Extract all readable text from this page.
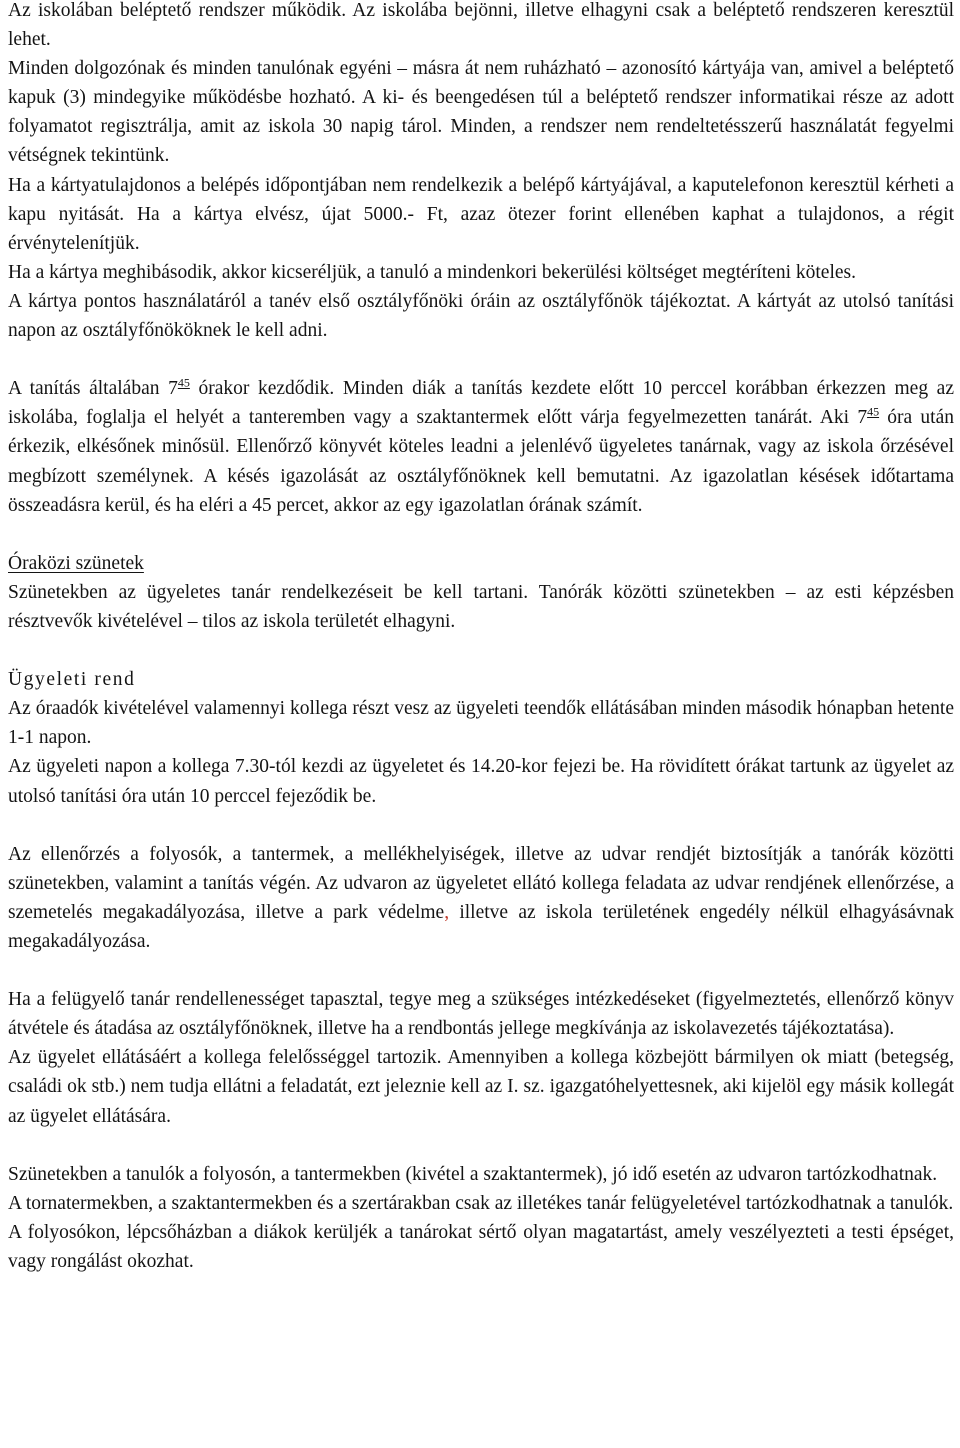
Az iskolában beléptető rendszer működik. Az iskolába bejönni, illetve elhagyni csak a beléptető rendszeren keresztül lehet.

Minden dolgozónak és minden tanulónak egyéni – másra át nem ruházható – azonosító kártyája van, amivel a beléptető kapuk (3) mindegyike működésbe hozható. A ki- és beengedésen túl a beléptető rendszer informatikai része az adott folyamatot regisztrálja, amit az iskola 30 napig tárol. Minden, a rendszer nem rendeltetésszerű használatát fegyelmi vétségnek tekintünk.

Ha a kártyatulajdonos a belépés időpontjában nem rendelkezik a belépő kártyájával, a kaputelefonon keresztül kérheti a kapu nyitását. Ha a kártya elvész, újat 5000.- Ft, azaz ötezer forint ellenében kaphat a tulajdonos, a régit érvénytelenítjük.

Ha a kártya meghibásodik, akkor kicseréljük, a tanuló a mindenkori bekerülési költséget megtéríteni köteles.

A kártya pontos használatáról a tanév első osztályfőnöki óráin az osztályfőnök tájékoztat. A kártyát az utolsó tanítási napon az osztályfőnököknek le kell adni.

A tanítás általában $7^{45}$ órakor kezdődik. Minden diák a tanítás kezdete előtt 10 perccel korábban érkezzen meg az iskolába, foglalja el helyét a tanteremben vagy a szaktantermek előtt várja fegyelmezetten tanárát. Aki $7^{45}$ óra után érkezik, elkésőnek minősül. Ellenőrző könyvét köteles leadni a jelenlévő ügyeletes tanárnak, vagy az iskola őrzésével megbízott személynek. A késés igazolását az osztályfőnöknek kell bemutatni. Az igazolatlan késések időtartama összeadásra kerül, és ha eléri a 45 percet, akkor az egy igazolatlan órának számít.

Óraközi szünetek

Szünetekben az ügyeletes tanár rendelkezéseit be kell tartani. Tanórák közötti szünetekben – az esti képzésben résztvevők kivételével – tilos az iskola területét elhagyni.

Ügyeleti rend

Az óraadók kivételével valamennyi kollega részt vesz az ügyeleti teendők ellátásában minden második hónapban hetente 1-1 napon.

Az ügyeleti napon a kollega 7.30-tól kezdi az ügyeletet és 14.20-kor fejezi be. Ha rövidített órákat tartunk az ügyelet az utolsó tanítási óra után 10 perccel fejeződik be.

Az ellenőrzés a folyosók, a tantermek, a mellékhelyiségek, illetve az udvar rendjét biztosítják a tanórák közötti szünetekben, valamint a tanítás végén. Az udvaron az ügyeletet ellátó kollega feladata az udvar rendjének ellenőrzése, a szemetelés megakadályozása, illetve a park védelme, illetve az iskola területének engedély nélkül elhagyásávnak megakadályozása.

Ha a felügyelő tanár rendellenességet tapasztal, tegye meg a szükséges intézkedéseket (figyelmeztetés, ellenőrző könyv átvétele és átadása az osztályfőnöknek, illetve ha a rendbontás jellege megkívánja az iskolavezetés tájékoztatása).

Az ügyelet ellátásáért a kollega felelősséggel tartozik. Amennyiben a kollega közbejött bármilyen ok miatt (betegség, családi ok stb.) nem tudja ellátni a feladatát, ezt jeleznie kell az I. sz. igazgatóhelyettesnek, aki kijelöl egy másik kollegát az ügyelet ellátására.

Szünetekben a tanulók a folyosón, a tantermekben (kivétel a szaktantermek), jó idő esetén az udvaron tartózkodhatnak.

A tornatermekben, a szaktantermekben és a szertárakban csak az illetékes tanár felügyeletével tartózkodhatnak a tanulók.

A folyosókon, lépcsőházban a diákok kerüljék a tanárokat sértő olyan magatartást, amely veszélyezteti a testi épséget, vagy rongálást okozhat.
